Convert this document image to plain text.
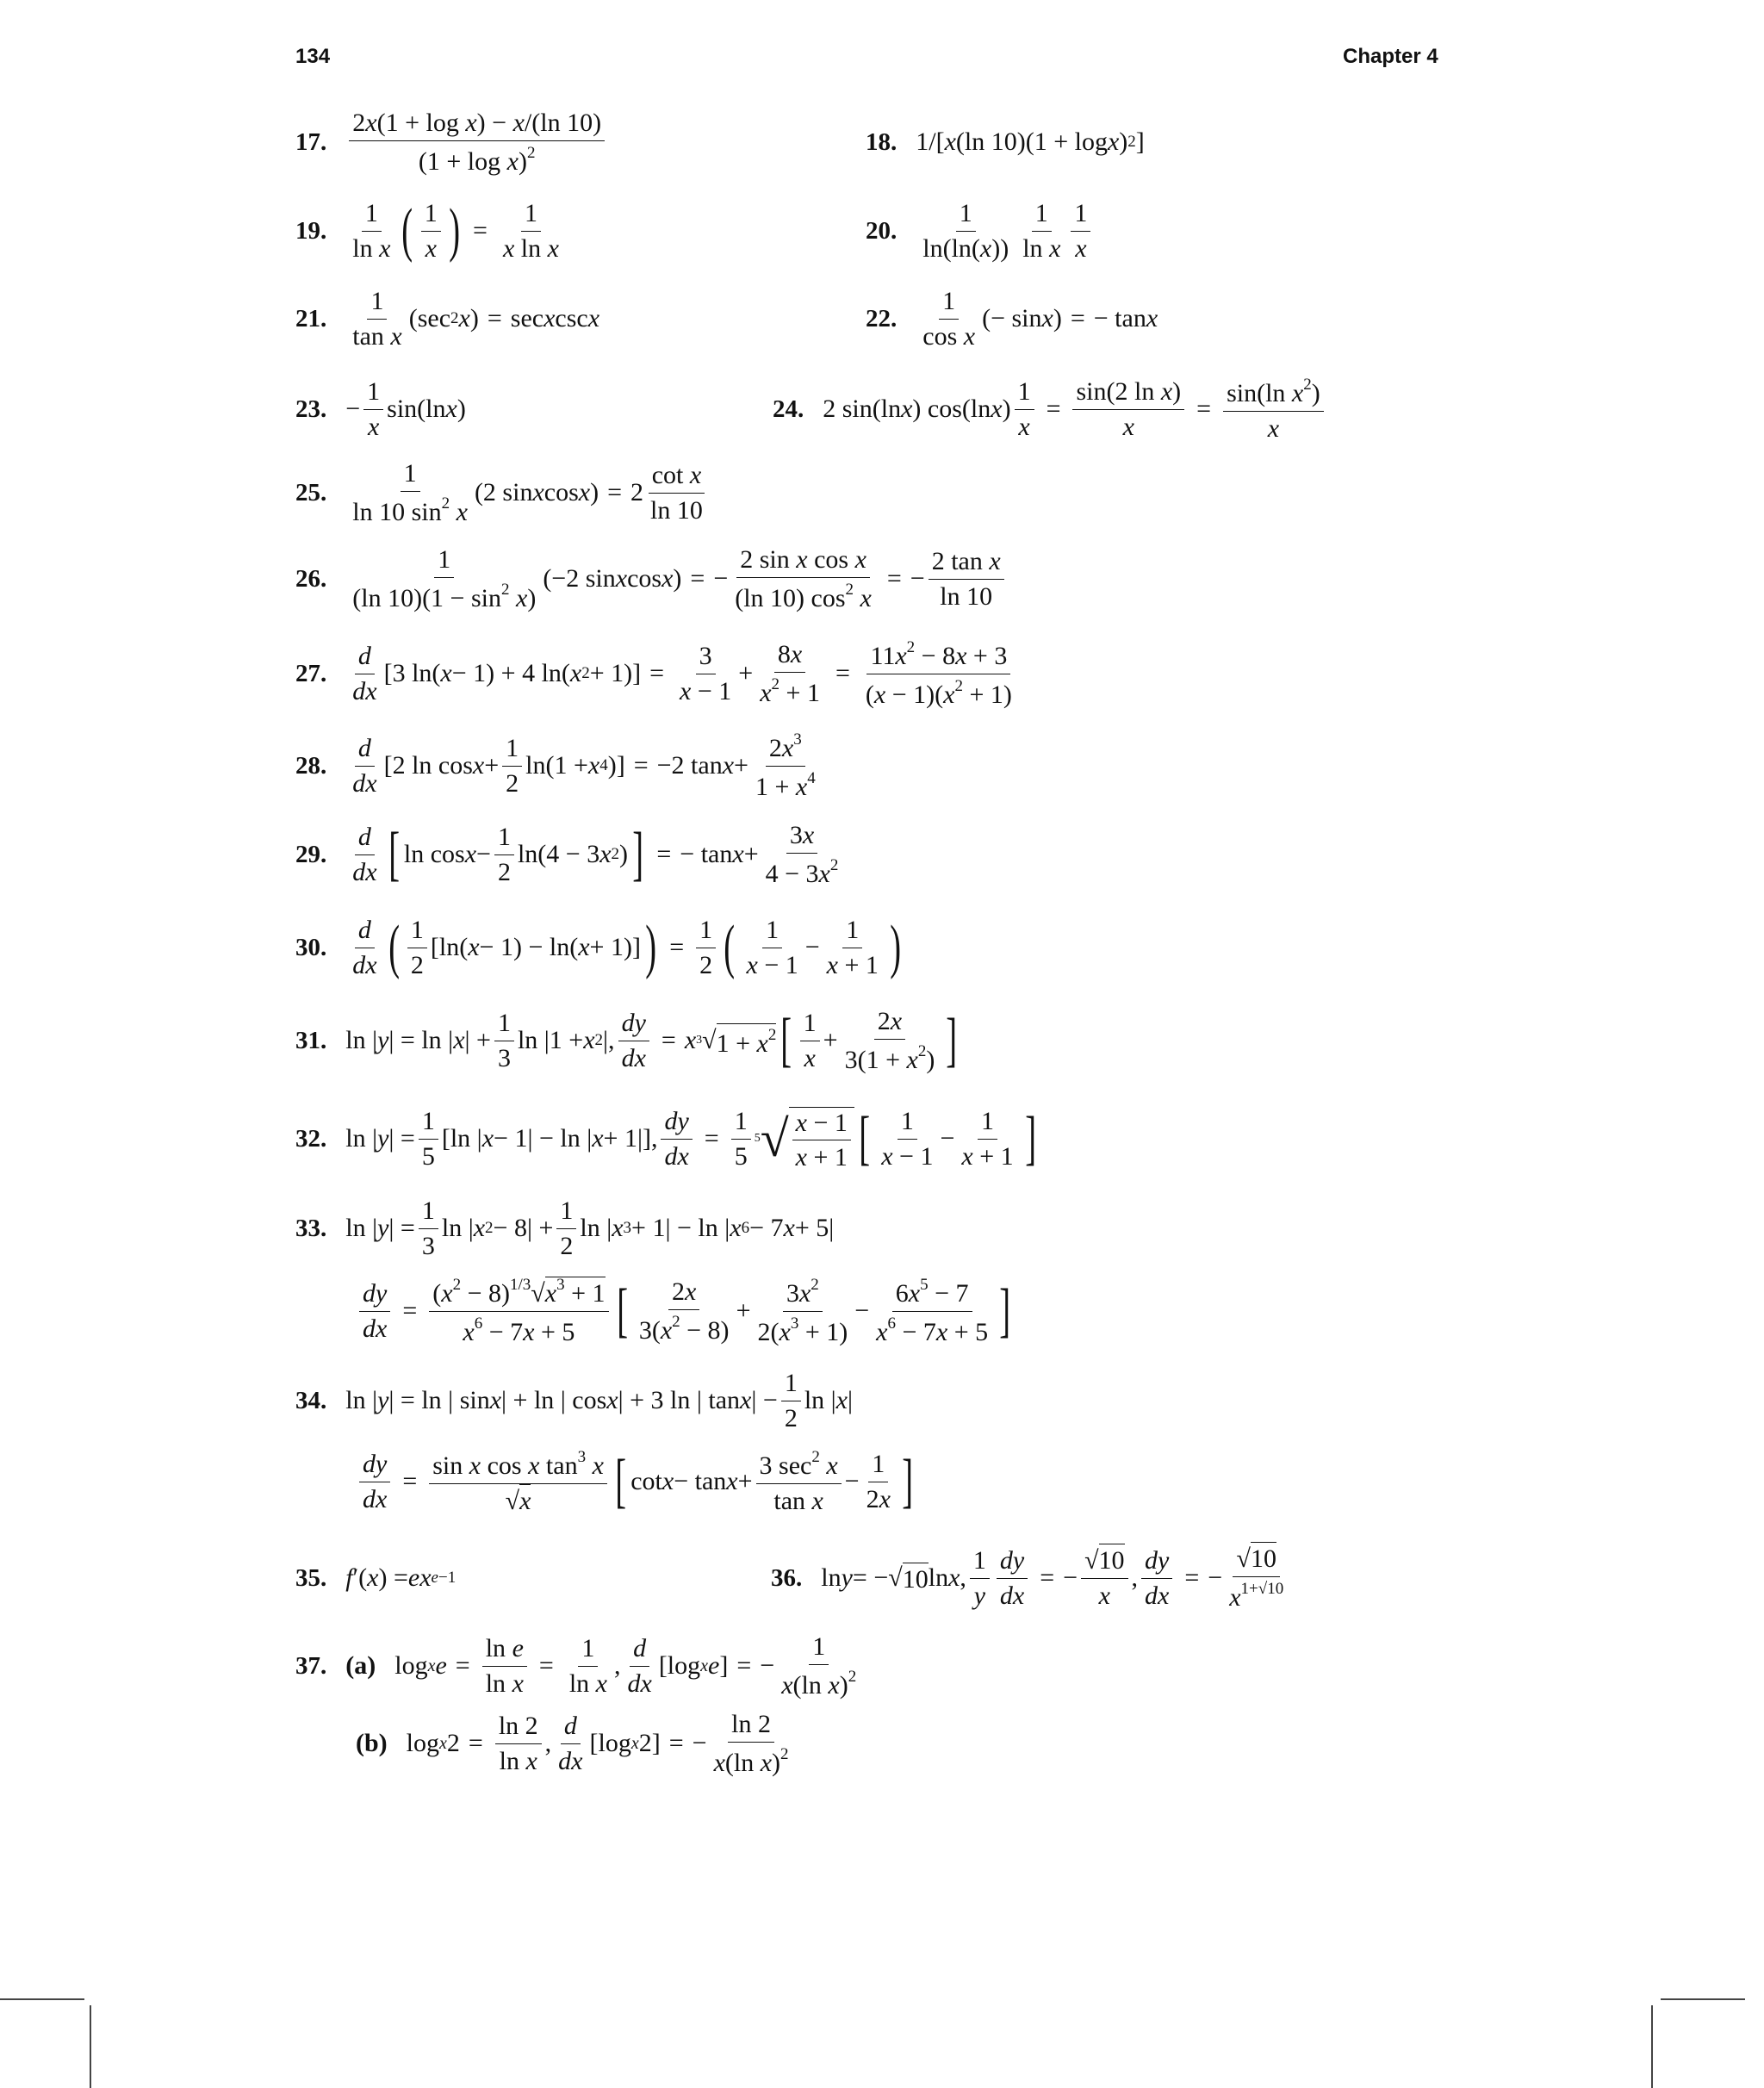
134	Chapter 4
17.
2x(1 + log x) − x/(ln 10)
$(1 + \log x)^2$	18. 1/[ x (ln 10)(1 + log x ) 2 ]
19.
1
ln x ( 1
x ) = $\frac{1}{\text{x ln x}}$	20.
1
ln(ln(x))
1
ln x
1
x
21.
1
tan x
(sec 2 x ) = sec x csc x	22.
1
cos x
(− sin x ) = − tan x
23. −
1
x
sin(ln x )	24. 2 sin(ln x ) cos(ln x ) $\frac{1}{x} = \frac{\text{sin(2 ln x)}}{x} = \frac{\sin(\ln x^2)}{x}$
25.
1
ln 10 $\sin^2 x$
(2 sin x cos x ) = $2 \frac{\text{cot x}}{\ln 10}$
26.
1
(ln $10)(1 - \sin^2 x)$
(−2 sin x cos x ) = − $\frac{\text{2 sin x cos x}}{(\ln 10) \cos^2 x}$ = − $\frac{\text{2 tan x}}{\ln 10}$
27.
d
dx
[3 ln( x − 1) + 4 ln( x $2 + 1)] = \frac{3}{x - 1} + \frac{8x}{x^2 + 1} = \frac{11x^2 - 8x + 3}{(x - 1)(x^2 + 1)}$
28.
d
dx
[2 ln cos x +
1
2
ln(1 + x 4 )] = −2 tan x +
$2x^3$
$1 + x^4$
29.
d
dx [ ln cos x −
1
2
ln(4 − 3 x 2 ) ] = − tan x +
3x
$4 - 3x^2$
30.
d
dx ( 1
2
[ln( x − 1) − ln( x + 1)] ) = $\frac{1}{2}$ ( 1
x − 1
−
1
x + 1 )
31. ln | y | = ln | x | +
1
3
ln |1 + x 2 |, $\frac{dy}{dx} = x$ 3 √ $1 + x^2$ [ 1
x
+
2x
$3(1 + x^2)$ ]
32. ln | y | =
1
5
[ln | x − 1| − ln | x + 1|], $\frac{dy}{dx} = \frac{1}{5} 5$ √ $\frac{x - 1}{x + 1}$ [ 1
x − 1
−
1
x + 1 ]
33. ln | y | =
1
3
ln | x 2 − 8| +
1
2
ln | x 3 + 1| − ln | x 6 − 7 x + 5|
$\frac{dy}{dx} = \frac{(x^2 - 8)^{1/3}√x^3 + 1}{x^6 - 7x + 5}$ [ 2x
$3(x^2 - 8)$
+
$3x^2$
$2(x^3 + 1)$
−
$6x^5 - 7$
$x^6 - 7x + 5$ ]
34. ln | y | = ln | sin x | + ln | cos x | + 3 ln | tan x | −
1
2
ln | x |
$\frac{dy}{dx} = \frac{\sin x \cos x \tan^3 x}{√x}$ [ cot x − tan x +
3 $\sec^2 x$
tan x
−
1
2x ]
35. f ′( x ) = ex e−1	36. ln y = −√ 10 ln x ,
1
y $\frac{dy}{dx}$ = − $\frac{√10}{x}$ , $\frac{dy}{dx}$ = − $\frac{√10}{x^{1+√10}}$
37. (a) log x $e = \frac{\text{ln e}}{\text{ln x}} = \frac{1}{\text{ln x}}$ ,
d
dx
[log x e ] = − $\frac{1}{x(\ln x)^2}$
(b) log x $2 = \frac{\ln 2}{\text{ln x}}$ ,
d
dx
[log x 2] = − $\frac{\ln 2}{x(\ln x)^2}$
